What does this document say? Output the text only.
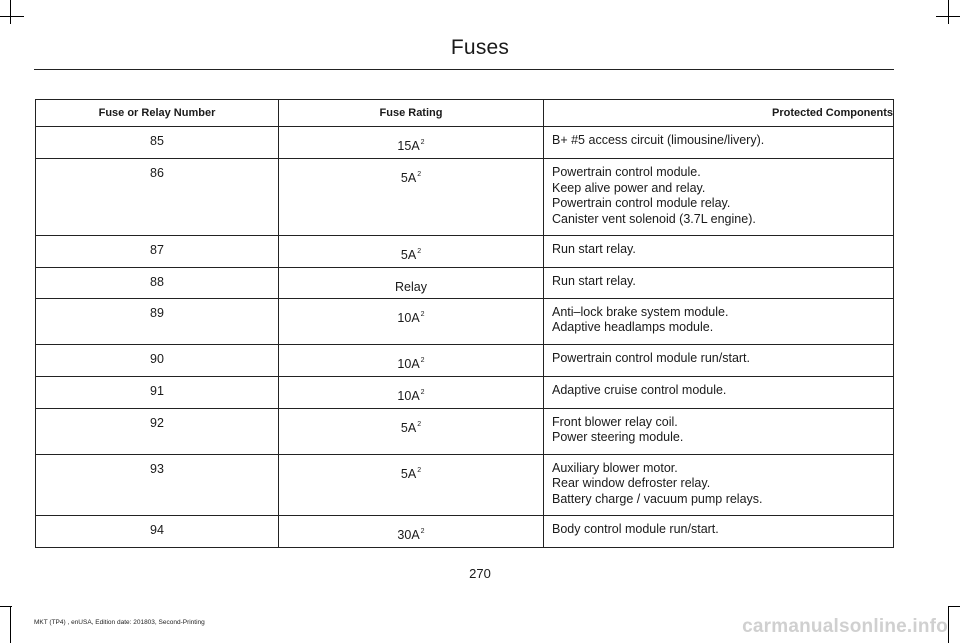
Fuses
Fuse or Relay Number	Fuse Rating	Protected Components
85	$15A^2$	B+ #5 access circuit (limousine/livery).

86	$5A^2$	Powertrain control module.
Keep alive power and relay.
Powertrain control module relay.
Canister vent solenoid (3.7L engine).

87	$5A^2$	Run start relay.

88	Relay	Run start relay.

89	$10A^2$	Anti–lock brake system module.
Adaptive headlamps module.

90	$10A^2$	Powertrain control module run/start.

91	$10A^2$	Adaptive cruise control module.

92	$5A^2$	Front blower relay coil.
Power steering module.

93	$5A^2$	Auxiliary blower motor.
Rear window defroster relay.
Battery charge / vacuum pump relays.

94	$30A^2$	Body control module run/start.
270
MKT (TP4) , enUSA, Edition date: 201803, Second-Printing	carmanualsonline.info
